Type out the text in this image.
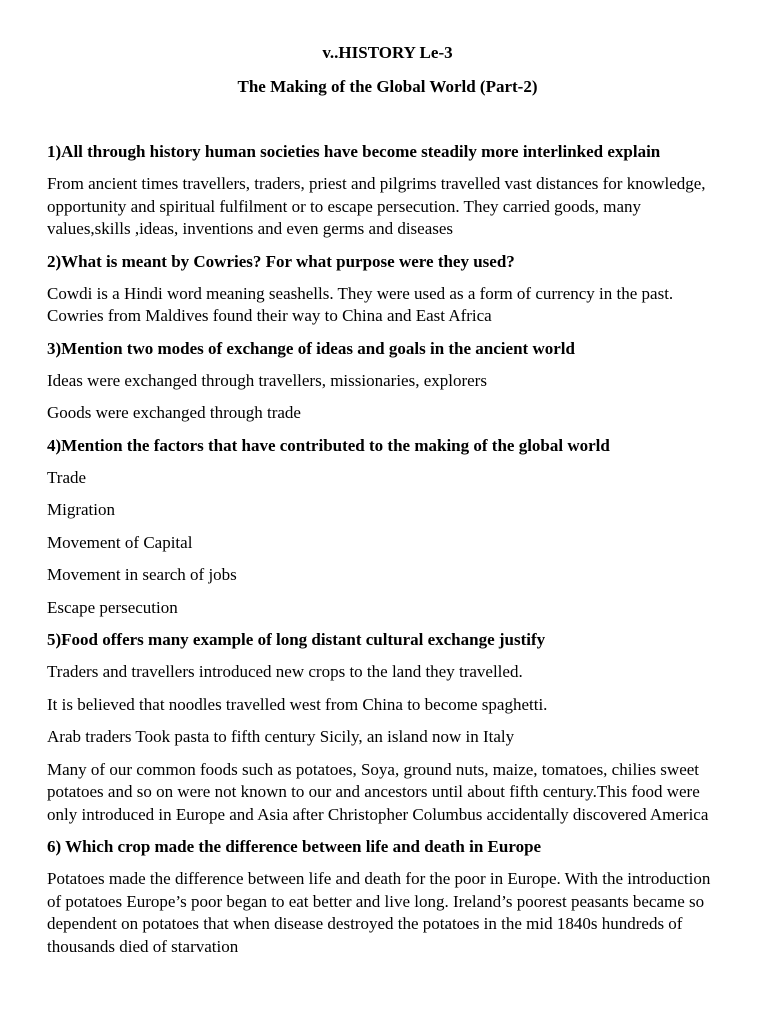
v..HISTORY Le-3

The Making of the Global World (Part-2)

1)All through history human societies have become steadily more interlinked explain

From ancient times travellers, traders, priest and pilgrims travelled vast distances for knowledge, opportunity and spiritual fulfilment or to escape persecution. They carried goods, many values,skills ,ideas, inventions and even germs and diseases

2)What is meant by Cowries? For what purpose were they used?

Cowdi is a Hindi word meaning seashells. They were used as a form of currency in the past. Cowries from Maldives found their way to China and East Africa

3)Mention two modes of exchange of ideas and goals in the ancient world

Ideas were exchanged through travellers, missionaries, explorers

Goods were exchanged through trade

4)Mention the factors that have contributed to the making of the global world

Trade

Migration

Movement of Capital

Movement in search of jobs

Escape persecution

5)Food offers many example of long distant cultural exchange justify

Traders and travellers introduced new crops to the land they travelled.

It is believed that noodles travelled west from China to become spaghetti.

Arab traders Took pasta to fifth century Sicily, an island now in Italy

Many of our common foods such as potatoes, Soya, ground nuts, maize, tomatoes, chilies sweet potatoes and so on were not known to our and ancestors until about fifth century.This food were only introduced in Europe and Asia after Christopher Columbus accidentally discovered America

6) Which crop made the difference between life and death in Europe

Potatoes made the difference between life and death for the poor in Europe. With the introduction of potatoes Europe’s poor began to eat better and live long. Ireland’s poorest peasants became so dependent on potatoes that when disease destroyed the potatoes in the mid 1840s hundreds of thousands died of starvation
